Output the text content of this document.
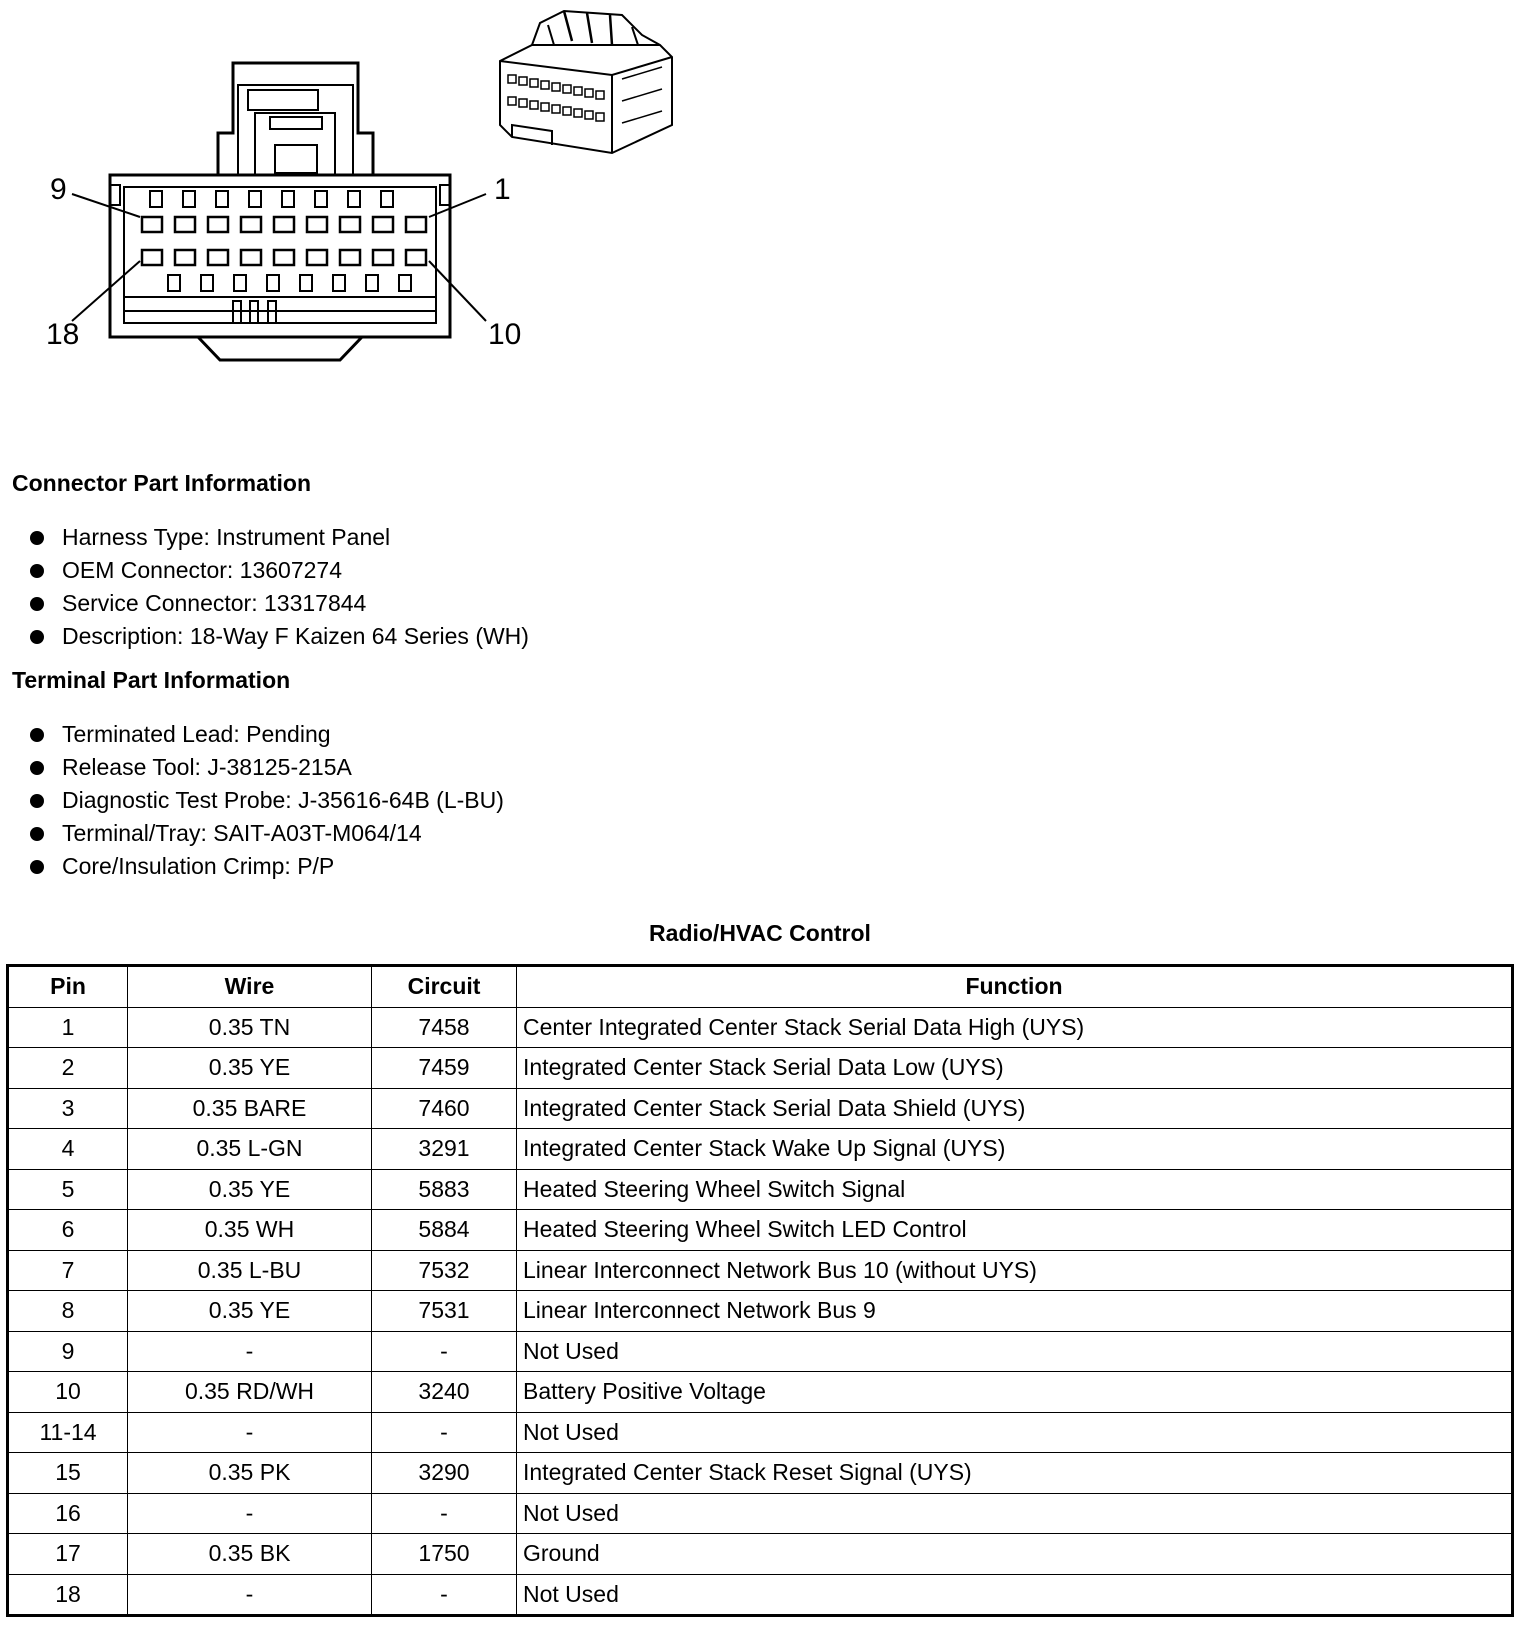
9	1
18	10
Connector Part Information
Harness Type: Instrument Panel
OEM Connector: 13607274
Service Connector: 13317844
Description: 18-Way F Kaizen 64 Series (WH)
Terminal Part Information
Terminated Lead: Pending
Release Tool: J-38125-215A
Diagnostic Test Probe: J-35616-64B (L-BU)
Terminal/Tray: SAIT-A03T-M064/14
Core/Insulation Crimp: P/P
Radio/HVAC Control
Pin	Wire	Circuit	Function
1	0.35 TN	7458	Center Integrated Center Stack Serial Data High (UYS)
2	0.35 YE	7459	Integrated Center Stack Serial Data Low (UYS)
3	0.35 BARE	7460	Integrated Center Stack Serial Data Shield (UYS)
4	0.35 L-GN	3291	Integrated Center Stack Wake Up Signal (UYS)
5	0.35 YE	5883	Heated Steering Wheel Switch Signal
6	0.35 WH	5884	Heated Steering Wheel Switch LED Control
7	0.35 L-BU	7532	Linear Interconnect Network Bus 10 (without UYS)
8	0.35 YE	7531	Linear Interconnect Network Bus 9
9	-	-	Not Used
10	0.35 RD/WH	3240	Battery Positive Voltage
11-14	-	-	Not Used
15	0.35 PK	3290	Integrated Center Stack Reset Signal (UYS)
16	-	-	Not Used
17	0.35 BK	1750	Ground
18	-	-	Not Used
